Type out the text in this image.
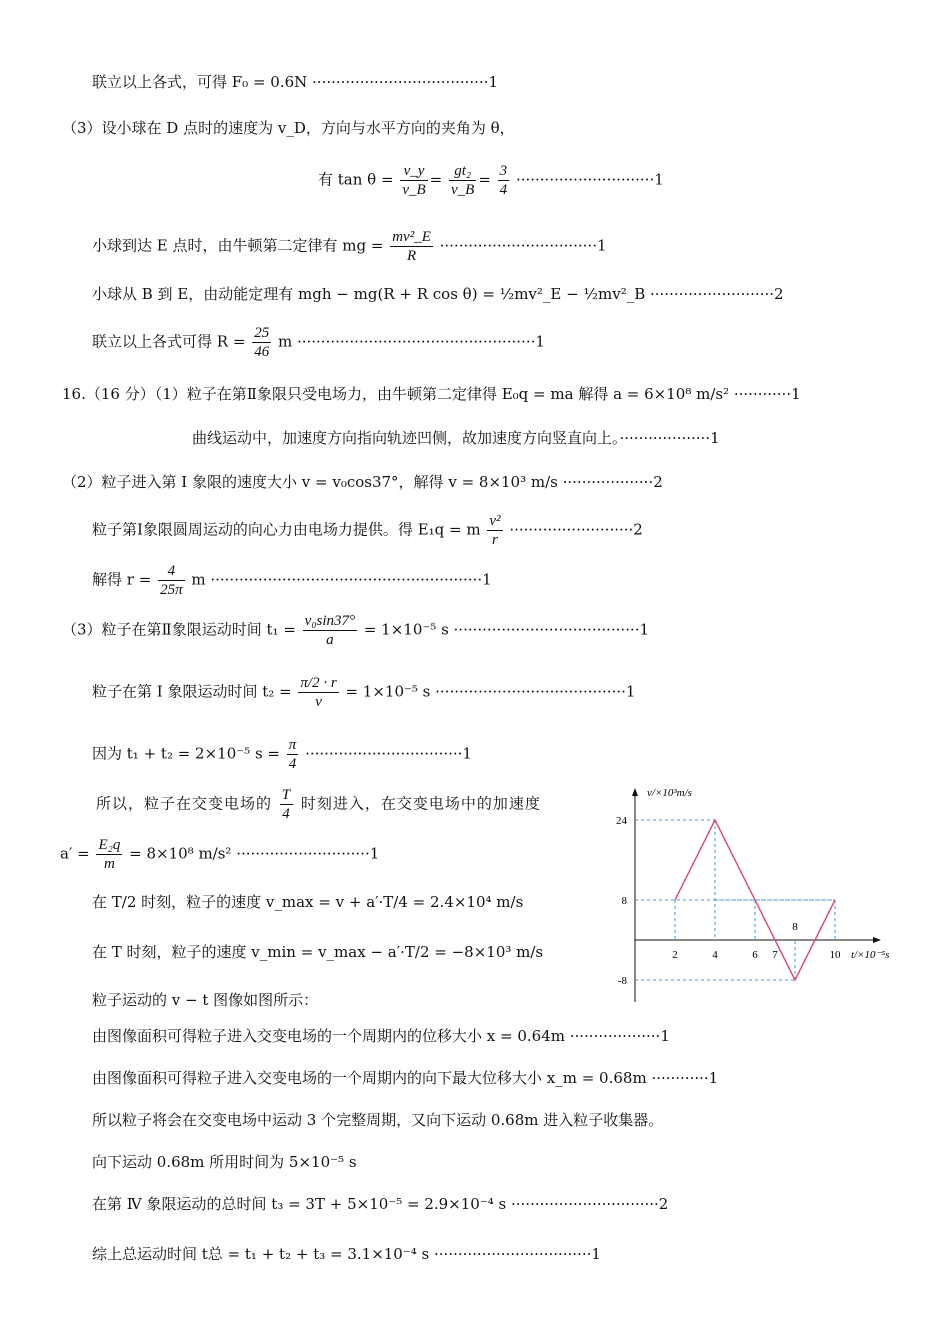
联立以上各式，可得 F₀ = 0.6N ·····································1
（3）设小球在 D 点时的速度为 v_D，方向与水平方向的夹角为 θ，
有 $\tan \theta = \frac{v\_y}{v\_B} = \frac{\text{gt₂}}{v\_B} = \frac{3}{4} \cdot\cdot\cdot\cdot\cdot\cdot\cdot\cdot\cdot\cdot\cdot\cdot\cdot\cdot\cdot\cdot\cdot\cdot\cdot\cdot\cdot\cdot\cdot\cdot\cdot\cdot\cdot\cdot\cdot 1$
小球到达 E 点时，由牛顿第二定律有 mg = $\frac{\text{mv²\_E}}{R} \cdot\cdot\cdot\cdot\cdot\cdot\cdot\cdot\cdot\cdot\cdot\cdot\cdot\cdot\cdot\cdot\cdot\cdot\cdot\cdot\cdot\cdot\cdot\cdot\cdot\cdot\cdot\cdot\cdot\cdot\cdot\cdot\cdot 1$
小球从 B 到 E，由动能定理有 mgh − mg(R + R cos θ) = ½mv²_E − ½mv²_B ··························2
联立以上各式可得 $R = \frac{25}{46}$ m ··················································1
16.（16 分）（1）粒子在第Ⅱ象限只受电场力，由牛顿第二定律得 E₀q = ma 解得 a = 6×10⁸ m/s² ············1
曲线运动中，加速度方向指向轨迹凹侧，故加速度方向竖直向上。···················1
（2）粒子进入第 I 象限的速度大小 v = v₀cos37°，解得 v = 8×10³ m/s ···················2
粒子第Ⅰ象限圆周运动的向心力由电场力提供。得 E₁q = m $\frac{\text{v²}}{r} \cdot\cdot\cdot\cdot\cdot\cdot\cdot\cdot\cdot\cdot\cdot\cdot\cdot\cdot\cdot\cdot\cdot\cdot\cdot\cdot\cdot\cdot\cdot\cdot\cdot\cdot 2$
解得 $r = \frac{4}{25\pi}$ m ·························································1
（3）粒子在第Ⅱ象限运动时间 $t_1 = \frac{\text{v₀sin37°}}{a} = 1\times 10^{-5}$ s ·······································1
粒子在第 I 象限运动时间 $t_2 = \frac{\pi/2 \cdot r}{v} = 1\times 10^{-5}$ s ········································1
因为 t₁ + t₂ = 2×10⁻⁵ $s = \frac{\pi}{4} \cdot\cdot\cdot\cdot\cdot\cdot\cdot\cdot\cdot\cdot\cdot\cdot\cdot\cdot\cdot\cdot\cdot\cdot\cdot\cdot\cdot\cdot\cdot\cdot\cdot\cdot\cdot\cdot\cdot\cdot\cdot\cdot\cdot 1$
所以，粒子在交变电场的 $\frac{T}{4}$ 时刻进入，在交变电场中的加速度
$a' = \frac{\text{E₂q}}{m} = 8\times 10^8$ m/s² ····························1
在 T/2 时刻，粒子的速度 v_max = v + a′·T/4 = 2.4×10⁴ m/s
在 T 时刻，粒子的速度 v_min = v_max − a′·T/2 = −8×10³ m/s
粒子运动的 v − t 图像如图所示：
由图像面积可得粒子进入交变电场的一个周期内的位移大小 x = 0.64m ···················1
由图像面积可得粒子进入交变电场的一个周期内的向下最大位移大小 x_m = 0.68m ············1
所以粒子将会在交变电场中运动 3 个完整周期，又向下运动 0.68m 进入粒子收集器。
向下运动 0.68m 所用时间为 5×10⁻⁵ s
在第 Ⅳ 象限运动的总时间 t₃ = 3T + 5×10⁻⁵ = 2.9×10⁻⁴ s ·······························2
综上总运动时间 t总 = t₁ + t₂ + t₃ = 3.1×10⁻⁴ s ·································1
v/×10³m/s
t/×10⁻⁵s
24
8
-8
2	4	6 7
8
10
